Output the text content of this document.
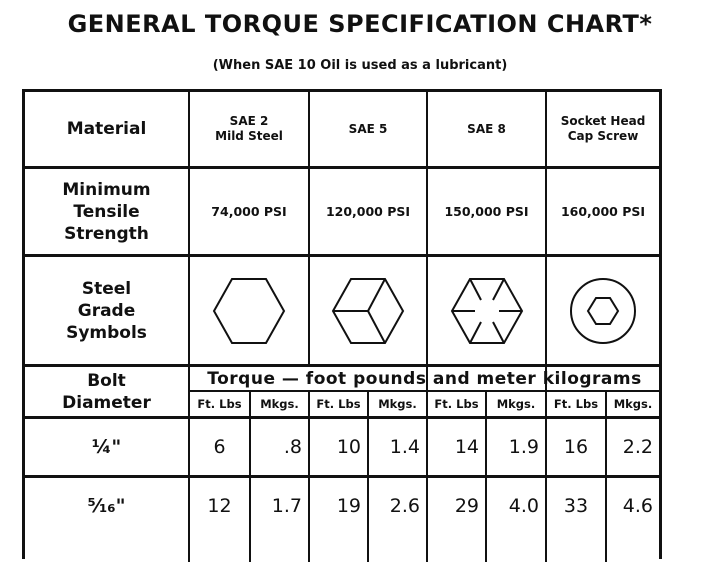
GENERAL TORQUE SPECIFICATION CHART*
(When SAE 10 Oil is used as a lubricant)
Material	SAE 2
Mild Steel
SAE 5	SAE 8
Socket Head
Cap Screw
Minimum
Tensile
Strength
74,000 PSI	120,000 PSI	150,000 PSI	160,000 PSI
Steel
Grade
Symbols
Bolt
Diameter
Torque — foot pounds and meter kilograms
Ft. Lbs	Mkgs.	Ft. Lbs	Mkgs.	Ft. Lbs	Mkgs.	Ft. Lbs	Mkgs.
¼"	6	.8	10	1.4	14	1.9	16	2.2
⁵⁄₁₆"	12	1.7	19	2.6	29	4.0	33	4.6
